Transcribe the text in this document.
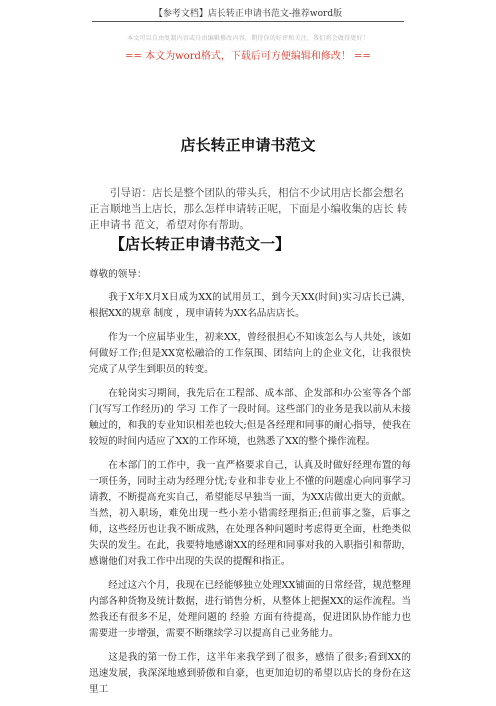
【参考文档】店长转正申请书范文-推荐word版
本文可以自由复制内容或自由编辑修改内容，期待你的好评和关注，我们将会做得更好！
== 本文为word格式，下载后可方便编辑和修改！ ==
店长转正申请书范文
引导语：店长是整个团队的带头兵，相信不少试用店长都会想名正言顺地当上店长，那么怎样申请转正呢，下面是小编收集的店长 转正申请书 范文，希望对你有帮助。
【店长转正申请书范文一】
尊敬的领导：

我于X年X月X日成为XX的试用员工，到今天XX(时间)实习店长已满，根据XX的规章 制度 ，现申请转为XX名品店店长。

作为一个应届毕业生，初来XX，曾经很担心不知该怎么与人共处，该如何做好工作;但是XX宽松融洽的工作氛围、团结向上的企业文化，让我很快完成了从学生到职员的转变。

在轮岗实习期间，我先后在工程部、成本部、企发部和办公室等各个部门(写写工作经历)的 学习 工作了一段时间。这些部门的业务是我以前从未接触过的，和我的专业知识相差也较大;但是各经理和同事的耐心指导，使我在较短的时间内适应了XX的工作环境，也熟悉了XX的整个操作流程。

在本部门的工作中，我一直严格要求自己，认真及时做好经理布置的每一项任务，同时主动为经理分忧;专业和非专业上不懂的问题虚心向同事学习请教，不断提高充实自己，希望能尽早独当一面，为XX店做出更大的贡献。当然，初入职场，难免出现一些小差小错需经理指正;但前事之鉴，后事之师，这些经历也让我不断成熟，在处理各种问题时考虑得更全面，杜绝类似失误的发生。在此，我要特地感谢XX的经理和同事对我的入职指引和帮助，感谢他们对我工作中出现的失误的提醒和指正。

经过这六个月，我现在已经能够独立处理XX铺面的日常经营，规范整理内部各种货物及统计数据，进行销售分析，从整体上把握XX的运作流程。当然我还有很多不足，处理问题的 经验 方面有待提高，促进团队协作能力也需要进一步增强，需要不断继续学习以提高自己业务能力。

这是我的第一份工作，这半年来我学到了很多，感悟了很多;看到XX的迅速发展，我深深地感到骄傲和自豪，也更加迫切的希望以店长的身份在这里工
